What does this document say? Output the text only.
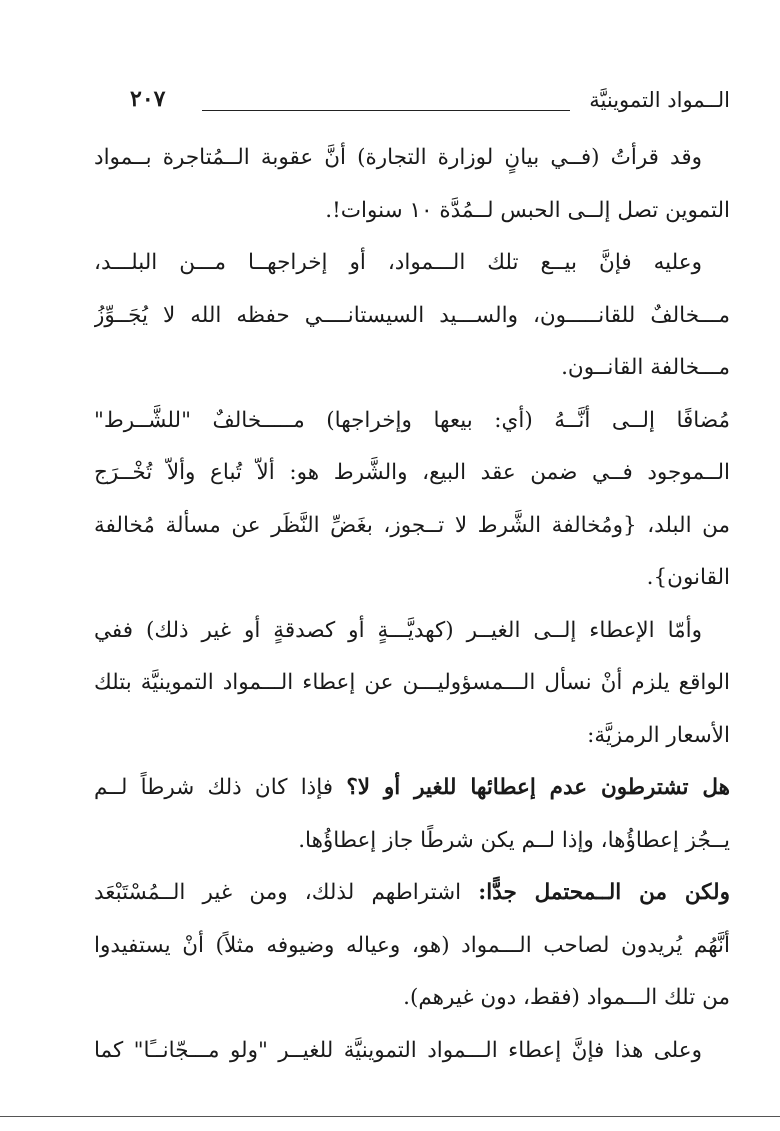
الــمواد التموينيَّة
٢٠٧
وقد قرأتُ (فــي بيانٍ لوزارة التجارة) أنَّ عقوبة الــمُتاجرة بــمواد
التموين تصل إلــى الحبس لــمُدَّة ١٠ سنوات!.
وعليه فإنَّ بيــع تلك الـــمواد، أو إخراجهــا مـــن البلـــد،
مـــخالفٌ للقانـــــون، والســـيد السيستانــــي حفظه الله لا يُجَــوِّزُ
مـــخالفة القانــون.
مُضافًا إلــى أنَّــهُ (أي: بيعها وإخراجها) مـــــخالفٌ "للشَّــرط"
الــموجود فــي ضمن عقد البيع، والشَّرط هو: ألاّ تُباع وألاّ تُخْــرَج
من البلد، {ومُخالفة الشَّرط لا تــجوز، بغَضِّ النَّظَر عن مسألة مُخالفة
القانون}.
وأمّا الإعطاء إلــى الغيــر (كهديَّـــةٍ أو كصدقةٍ أو غير ذلك) ففي
الواقع يلزم أنْ نسأل الـــمسؤوليـــن عن إعطاء الـــمواد التموينيَّة بتلك
الأسعار الرمزيَّة:
هل تشترطون عدم إعطائها للغير أو لا؟ فإذا كان ذلك شرطاً لــم
يــجُز إعطاؤُها، وإذا لــم يكن شرطًا جاز إعطاؤُها.
ولكن من الــمحتمل جدًّا: اشتراطهم لذلك، ومن غير الــمُسْتَبْعَد
أنَّهُم يُريدون لصاحب الـــمواد (هو، وعياله وضيوفه مثلاً) أنْ يستفيدوا
من تلك الـــمواد (فقط، دون غيرهم).
وعلى هذا فإنَّ إعطاء الـــمواد التموينيَّة للغيــر "ولو مـــجّانــًا" كما
